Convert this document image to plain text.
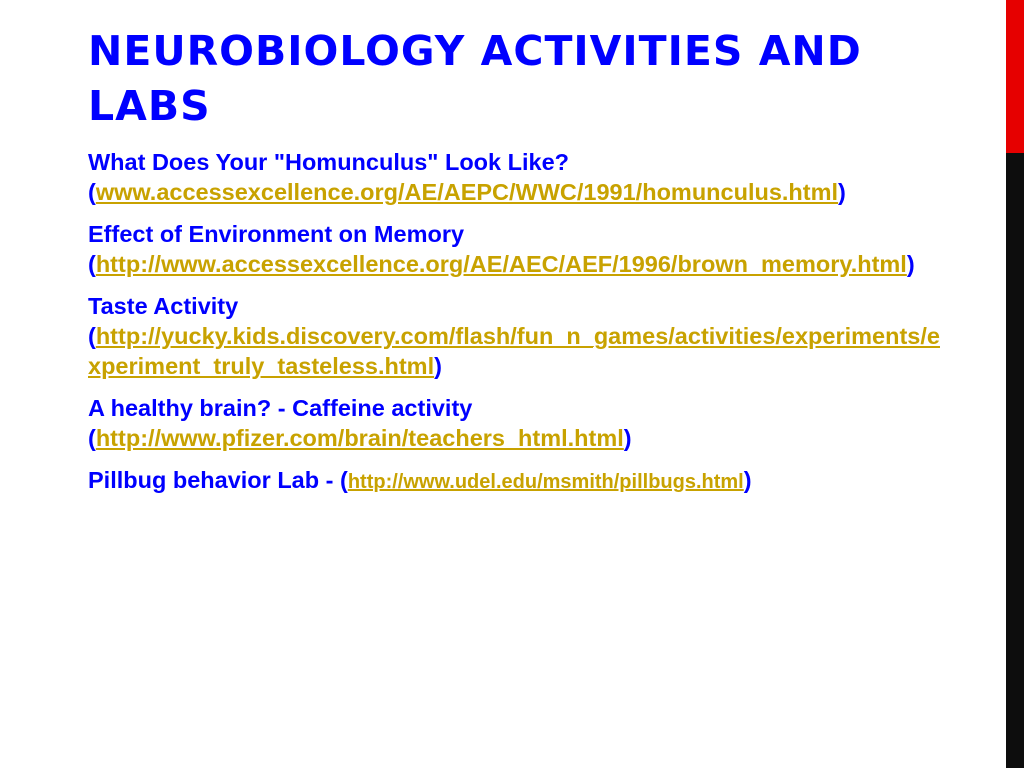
NEUROBIOLOGY ACTIVITIES AND LABS

What Does Your "Homunculus" Look Like?
(www.accessexcellence.org/AE/AEPC/WWC/1991/homunculus.html)

Effect of Environment on Memory
(http://www.accessexcellence.org/AE/AEC/AEF/1996/brown_memory.html)

Taste Activity
(http://yucky.kids.discovery.com/flash/fun_n_games/activities/experiments/experiment_truly_tasteless.html)

A healthy brain? - Caffeine activity
(http://www.pfizer.com/brain/teachers_html.html)

Pillbug behavior Lab - (http://www.udel.edu/msmith/pillbugs.html)
